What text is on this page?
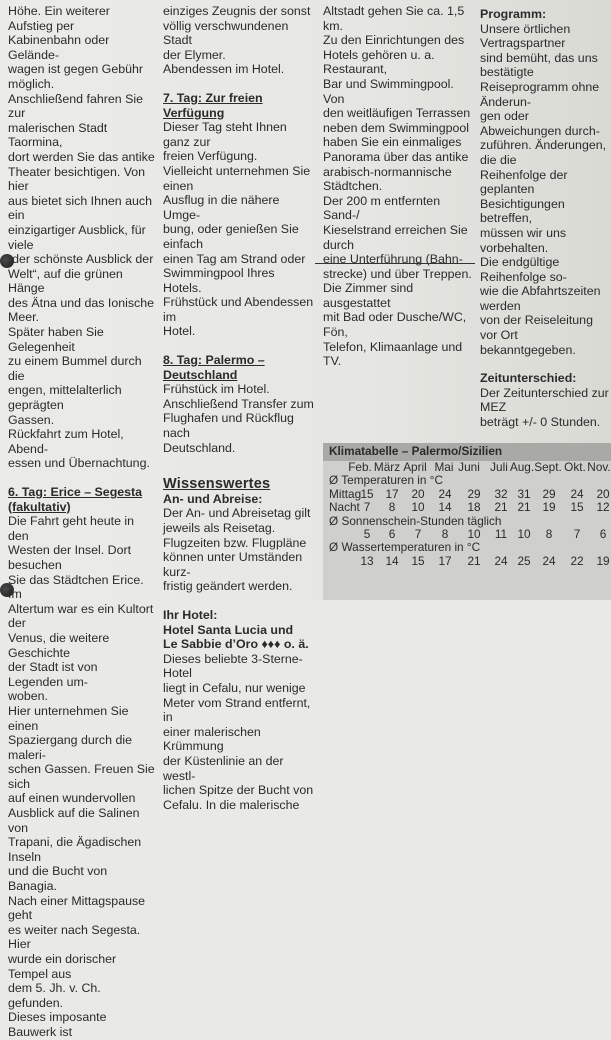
Höhe. Ein weiterer Aufstieg per
Kabinenbahn oder Gelände-
wagen ist gegen Gebühr möglich.
Anschließend fahren Sie zur
malerischen Stadt Taormina,
dort werden Sie das antike
Theater besichtigen. Von hier
aus bietet sich Ihnen auch ein
einzigartiger Ausblick, für viele
„der schönste Ausblick der
Welt“, auf die grünen Hänge
des Ätna und das Ionische
Meer.
Später haben Sie Gelegenheit
zu einem Bummel durch die
engen, mittelalterlich geprägten
Gassen.
Rückfahrt zum Hotel, Abend-
essen und Übernachtung.

6. Tag: Erice – Segesta
(fakultativ)

Die Fahrt geht heute in den
Westen der Insel. Dort besuchen
Sie das Städtchen Erice. Im
Altertum war es ein Kultort der
Venus, die weitere Geschichte
der Stadt ist von Legenden um-
woben.
Hier unternehmen Sie einen
Spaziergang durch die maleri-
schen Gassen. Freuen Sie sich
auf einen wundervollen
Ausblick auf die Salinen von
Trapani, die Ägadischen Inseln
und die Bucht von Banagia.
Nach einer Mittagspause geht
es weiter nach Segesta. Hier
wurde ein dorischer Tempel aus
dem 5. Jh. v. Ch. gefunden.
Dieses imposante Bauwerk ist

einziges Zeugnis der sonst
völlig verschwundenen Stadt
der Elymer.
Abendessen im Hotel.

7. Tag: Zur freien Verfügung

Dieser Tag steht Ihnen ganz zur
freien Verfügung.
Vielleicht unternehmen Sie einen
Ausflug in die nähere Umge-
bung, oder genießen Sie einfach
einen Tag am Strand oder
Swimmingpool Ihres Hotels.
Frühstück und Abendessen im
Hotel.

8. Tag: Palermo – Deutschland

Frühstück im Hotel.
Anschließend Transfer zum
Flughafen und Rückflug nach
Deutschland.

Wissenswertes

An- und Abreise:

Der An- und Abreisetag gilt
jeweils als Reisetag.
Flugzeiten bzw. Flugpläne
können unter Umständen kurz-
fristig geändert werden.

Ihr Hotel:
Hotel Santa Lucia und
Le Sabbie d’Oro ♦♦♦ o. ä.

Dieses beliebte 3-Sterne-Hotel
liegt in Cefalu, nur wenige
Meter vom Strand entfernt, in
einer malerischen Krümmung
der Küstenlinie an der westl-
lichen Spitze der Bucht von
Cefalu. In die malerische

Altstadt gehen Sie ca. 1,5 km.
Zu den Einrichtungen des
Hotels gehören u. a. Restaurant,
Bar und Swimmingpool. Von
den weitläufigen Terrassen
neben dem Swimmingpool
haben Sie ein einmaliges
Panorama über das antike
arabisch-normannische
Städtchen.
Der 200 m entfernten Sand-/
Kieselstrand erreichen Sie durch
eine Unterführung (Bahn-
strecke) und über Treppen.
Die Zimmer sind ausgestattet
mit Bad oder Dusche/WC, Fön,
Telefon, Klimaanlage und TV.

Programm:

Unsere örtlichen Vertragspartner
sind bemüht, das uns bestätigte
Reiseprogramm ohne Änderun-
gen oder Abweichungen durch-
zuführen. Änderungen, die die
Reihenfolge der geplanten
Besichtigungen betreffen,
müssen wir uns vorbehalten.
Die endgültige Reihenfolge so-
wie die Abfahrtszeiten werden
von der Reiseleitung vor Ort
bekanntgegeben.

Zeitunterschied:

Der Zeitunterschied zur MEZ
beträgt +/- 0 Stunden.

Klimatabelle – Palermo/Sizilien
Feb. März April Mai Juni Juli Aug. Sept. Okt. Nov.
Ø Temperaturen in °C
Mittag 15	17	20	24	29	32 31	29	24	20
Nacht 7	8	10	14	18	21 21	19	15	12
Ø Sonnenschein-Stunden täglich
5	6	7	8	10	11 10	8	7	6
Ø Wassertemperaturen in °C
13	14	15	17	21	24 25	24	22	19
